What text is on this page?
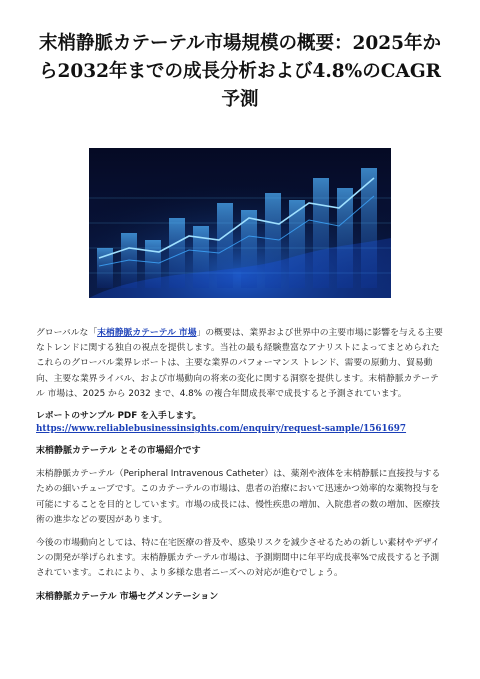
末梢静脈カテーテル市場規模の概要：2025年から2032年までの成長分析および4.8%のCAGR予測

グローバルな「末梢静脈カテーテル 市場」の概要は、業界および世界中の主要市場に影響を与える主要なトレンドに関する独自の視点を提供します。当社の最も経験豊富なアナリストによってまとめられたこれらのグローバル業界レポートは、主要な業界のパフォーマンス トレンド、需要の原動力、貿易動向、主要な業界ライバル、および市場動向の将来の変化に関する洞察を提供します。末梢静脈カテーテル 市場は、2025 から 2032 まで、4.8% の複合年間成長率で成長すると予測されています。

レポートのサンプル PDF を入手します。
https://www.reliablebusinessinsights.com/enquiry/request-sample/1561697
末梢静脈カテーテル とその市場紹介です

末梢静脈カテーテル（Peripheral Intravenous Catheter）は、薬剤や液体を末梢静脈に直接投与するための細いチューブです。このカテーテルの市場は、患者の治療において迅速かつ効率的な薬物投与を可能にすることを目的としています。市場の成長には、慢性疾患の増加、入院患者の数の増加、医療技術の進歩などの要因があります。

今後の市場動向としては、特に在宅医療の普及や、感染リスクを減少させるための新しい素材やデザインの開発が挙げられます。末梢静脈カテーテル市場は、予測期間中に年平均成長率%で成長すると予測されています。これにより、より多様な患者ニーズへの対応が進むでしょう。

末梢静脈カテーテル 市場セグメンテーション
